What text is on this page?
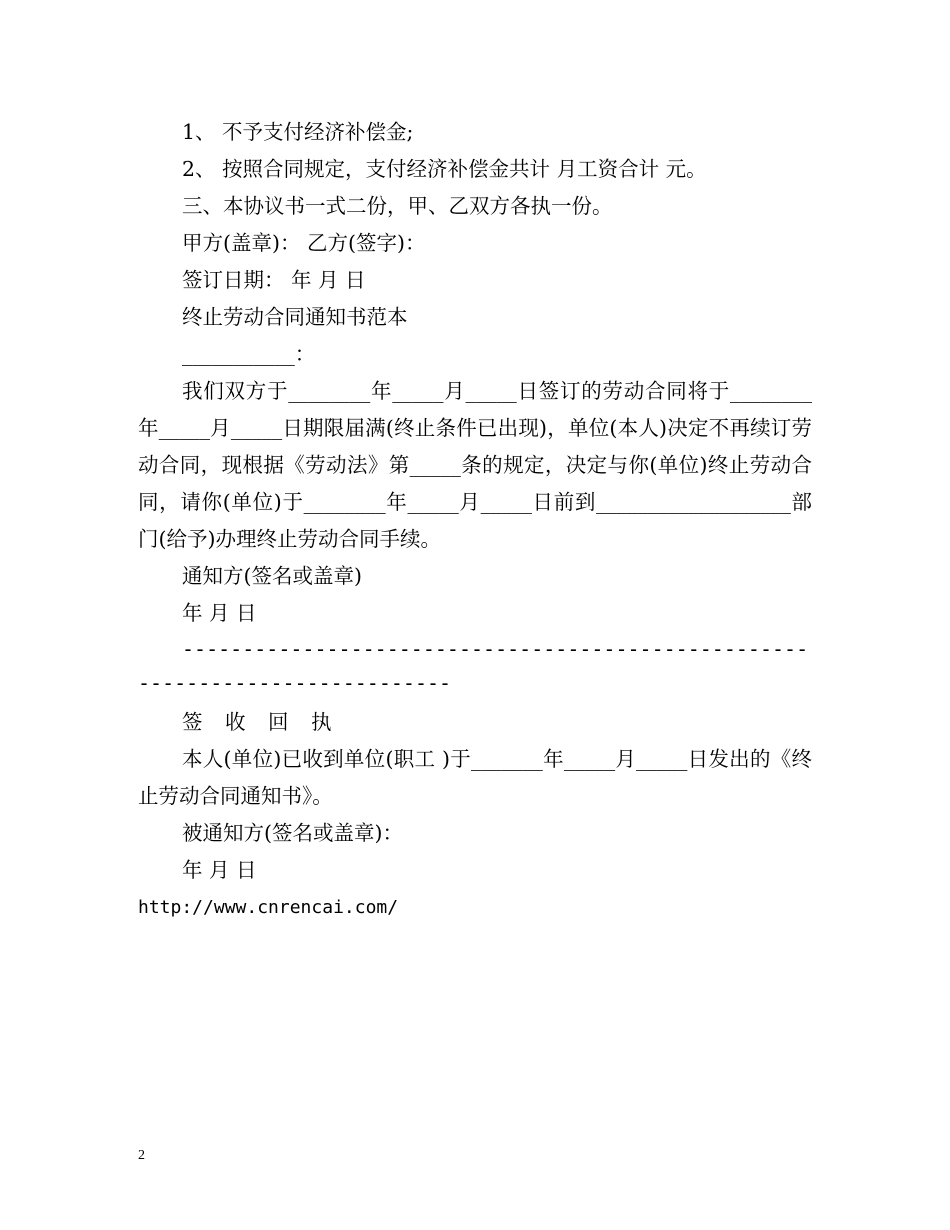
1、 不予支付经济补偿金;

2、 按照合同规定，支付经济补偿金共计 月工资合计 元。

三、本协议书一式二份，甲、乙双方各执一份。

甲方(盖章)： 乙方(签字)：

签订日期： 年 月 日

终止劳动合同通知书范本

___________：

我们双方于________年_____月_____日签订的劳动合同将于________年_____月_____日期限届满(终止条件已出现)，单位(本人)决定不再续订劳动合同，现根据《劳动法》第_____条的规定，决定与你(单位)终止劳动合同，请你(单位)于________年_____月_____日前到___________________部门(给予)办理终止劳动合同手续。

通知方(签名或盖章)

年 月 日

------------------------------------------------------------------------------

签 收 回 执

本人(单位)已收到单位(职工 )于_______年_____月_____日发出的《终止劳动合同通知书》。

被通知方(签名或盖章)：

年 月 日

http://www.cnrencai.com/

2
